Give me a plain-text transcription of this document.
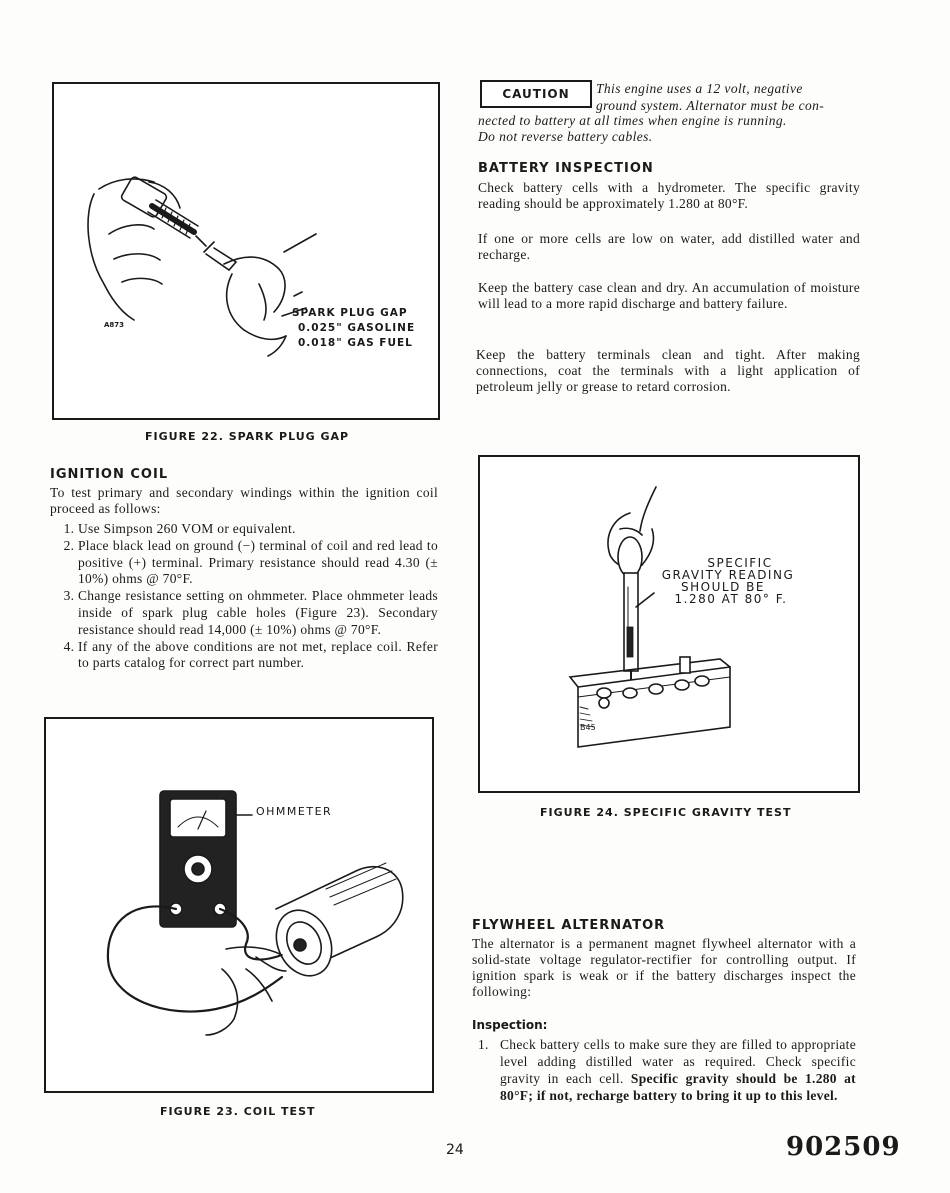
A873
SPARK PLUG GAP
0.025" GASOLINE
0.018" GAS FUEL
FIGURE 22. SPARK PLUG GAP
IGNITION COIL
To test primary and secondary windings within the ignition coil proceed as follows:
1. Use Simpson 260 VOM or equivalent.
2. Place black lead on ground (−) terminal of coil and red lead to positive (+) terminal. Primary resistance should read 4.30 (± 10%) ohms @ 70°F.
3. Change resistance setting on ohmmeter. Place ohmmeter leads inside of spark plug cable holes (Figure 23). Secondary resistance should read 14,000 (± 10%) ohms @ 70°F.
4. If any of the above conditions are not met, replace coil. Refer to parts catalog for correct part number.
OHMMETER
FIGURE 23. COIL TEST
CAUTION	This engine uses a 12 volt, negative
ground system. Alternator must be con-
nected to battery at all times when engine is running.
Do not reverse battery cables.
BATTERY INSPECTION
Check battery cells with a hydrometer. The specific gravity reading should be approximately 1.280 at 80°F.
If one or more cells are low on water, add distilled water and recharge.
Keep the battery case clean and dry. An accumulation of moisture will lead to a more rapid discharge and battery failure.
Keep the battery terminals clean and tight. After making connections, coat the terminals with a light application of petroleum jelly or grease to retard corrosion.
SPECIFIC
GRAVITY READING
SHOULD BE
1.280 AT 80° F.
B45
FIGURE 24. SPECIFIC GRAVITY TEST
FLYWHEEL ALTERNATOR
The alternator is a permanent magnet flywheel alternator with a solid-state voltage regulator-rectifier for controlling output. If ignition spark is weak or if the battery discharges inspect the following:
Inspection:
1. Check battery cells to make sure they are filled to appropriate level adding distilled water as required. Check specific gravity in each cell. Specific gravity should be 1.280 at 80°F; if not, recharge battery to bring it up to this level.
24	902509
